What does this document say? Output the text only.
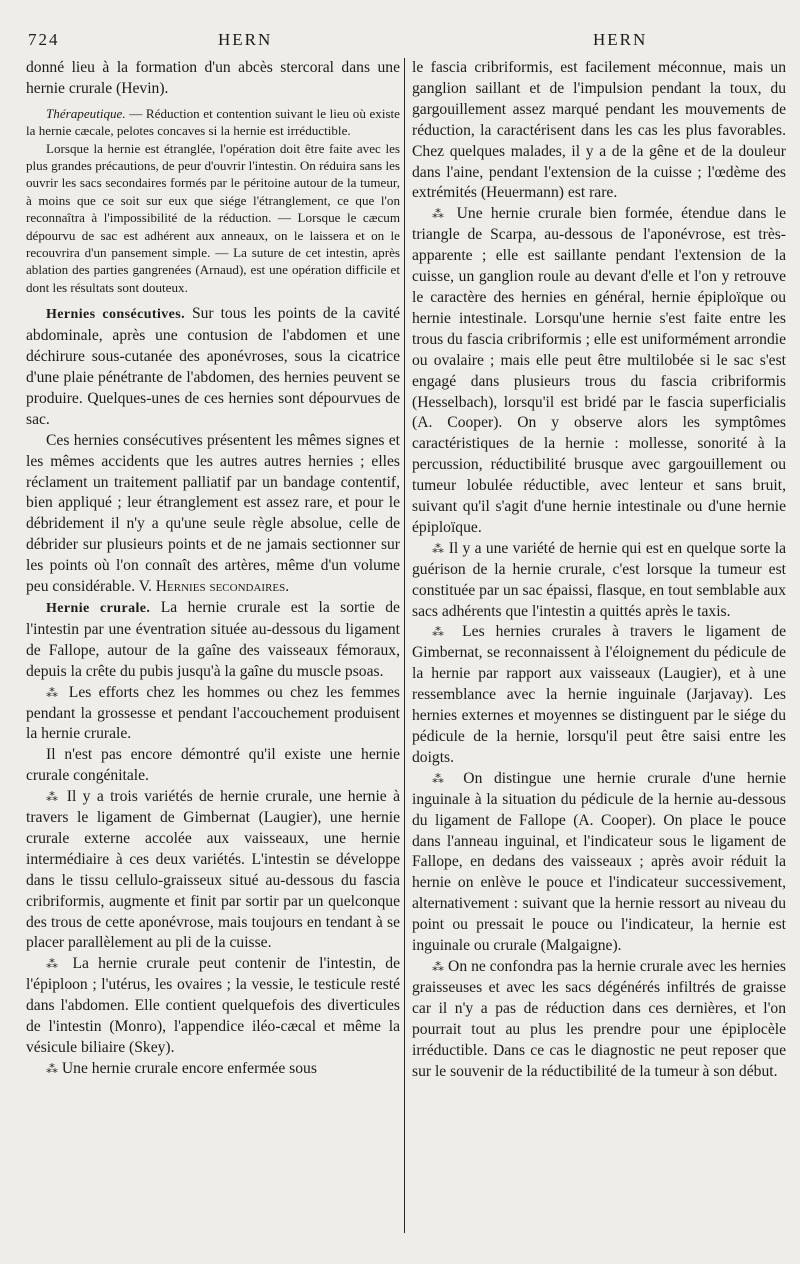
724	HERN	HERN

donné lieu à la formation d'un abcès stercoral dans une hernie crurale (Hevin).

Thérapeutique. — Réduction et contention suivant le lieu où existe la hernie cæcale, pelotes concaves si la hernie est irréductible.

Lorsque la hernie est étranglée, l'opération doit être faite avec les plus grandes précautions, de peur d'ouvrir l'intestin. On réduira sans les ouvrir les sacs secondaires formés par le péritoine autour de la tumeur, à moins que ce soit sur eux que siége l'étranglement, ce que l'on reconnaîtra à l'impossibilité de la réduction. — Lorsque le cæcum dépourvu de sac est adhérent aux anneaux, on le laissera et on le recouvrira d'un pansement simple. — La suture de cet intestin, après ablation des parties gangrenées (Arnaud), est une opération difficile et dont les résultats sont douteux.

Hernies consécutives. Sur tous les points de la cavité abdominale, après une contusion de l'abdomen et une déchirure sous-cutanée des aponévroses, sous la cicatrice d'une plaie pénétrante de l'abdomen, des hernies peuvent se produire. Quelques-unes de ces hernies sont dépourvues de sac.

Ces hernies consécutives présentent les mêmes signes et les mêmes accidents que les autres autres hernies ; elles réclament un traitement palliatif par un bandage contentif, bien appliqué ; leur étranglement est assez rare, et pour le débridement il n'y a qu'une seule règle absolue, celle de débrider sur plusieurs points et de ne jamais sectionner sur les points où l'on connaît des artères, même d'un volume peu considérable. V. Hernies secondaires.

Hernie crurale. La hernie crurale est la sortie de l'intestin par une éventration située au-dessous du ligament de Fallope, autour de la gaîne des vaisseaux fémoraux, depuis la crête du pubis jusqu'à la gaîne du muscle psoas.

⁂ Les efforts chez les hommes ou chez les femmes pendant la grossesse et pendant l'accouchement produisent la hernie crurale.

Il n'est pas encore démontré qu'il existe une hernie crurale congénitale.

⁂ Il y a trois variétés de hernie crurale, une hernie à travers le ligament de Gimbernat (Laugier), une hernie crurale externe accolée aux vaisseaux, une hernie intermédiaire à ces deux variétés. L'intestin se développe dans le tissu cellulo-graisseux situé au-dessous du fascia cribriformis, augmente et finit par sortir par un quelconque des trous de cette aponévrose, mais toujours en tendant à se placer parallèlement au pli de la cuisse.

⁂ La hernie crurale peut contenir de l'intestin, de l'épiploon ; l'utérus, les ovaires ; la vessie, le testicule resté dans l'abdomen. Elle contient quelquefois des diverticules de l'intestin (Monro), l'appendice iléo-cæcal et même la vésicule biliaire (Skey).

⁂ Une hernie crurale encore enfermée sous

le fascia cribriformis, est facilement méconnue, mais un ganglion saillant et de l'impulsion pendant la toux, du gargouillement assez marqué pendant les mouvements de réduction, la caractérisent dans les cas les plus favorables. Chez quelques malades, il y a de la gêne et de la douleur dans l'aine, pendant l'extension de la cuisse ; l'œdème des extrémités (Heuermann) est rare.

⁂ Une hernie crurale bien formée, étendue dans le triangle de Scarpa, au-dessous de l'aponévrose, est très-apparente ; elle est saillante pendant l'extension de la cuisse, un ganglion roule au devant d'elle et l'on y retrouve le caractère des hernies en général, hernie épiploïque ou hernie intestinale. Lorsqu'une hernie s'est faite entre les trous du fascia cribriformis ; elle est uniformément arrondie ou ovalaire ; mais elle peut être multilobée si le sac s'est engagé dans plusieurs trous du fascia cribriformis (Hesselbach), lorsqu'il est bridé par le fascia superficialis (A. Cooper). On y observe alors les symptômes caractéristiques de la hernie : mollesse, sonorité à la percussion, réductibilité brusque avec gargouillement ou tumeur lobulée réductible, avec lenteur et sans bruit, suivant qu'il s'agit d'une hernie intestinale ou d'une hernie épiploïque.

⁂ Il y a une variété de hernie qui est en quelque sorte la guérison de la hernie crurale, c'est lorsque la tumeur est constituée par un sac épaissi, flasque, en tout semblable aux sacs adhérents que l'intestin a quittés après le taxis.

⁂ Les hernies crurales à travers le ligament de Gimbernat, se reconnaissent à l'éloignement du pédicule de la hernie par rapport aux vaisseaux (Laugier), et à une ressemblance avec la hernie inguinale (Jarjavay). Les hernies externes et moyennes se distinguent par le siége du pédicule de la hernie, lorsqu'il peut être saisi entre les doigts.

⁂ On distingue une hernie crurale d'une hernie inguinale à la situation du pédicule de la hernie au-dessous du ligament de Fallope (A. Cooper). On place le pouce dans l'anneau inguinal, et l'indicateur sous le ligament de Fallope, en dedans des vaisseaux ; après avoir réduit la hernie on enlève le pouce et l'indicateur successivement, alternativement : suivant que la hernie ressort au niveau du point ou pressait le pouce ou l'indicateur, la hernie est inguinale ou crurale (Malgaigne).

⁂ On ne confondra pas la hernie crurale avec les hernies graisseuses et avec les sacs dégénérés infiltrés de graisse car il n'y a pas de réduction dans ces dernières, et l'on pourrait tout au plus les prendre pour une épiplocèle irréductible. Dans ce cas le diagnostic ne peut reposer que sur le souvenir de la réductibilité de la tumeur à son début.
